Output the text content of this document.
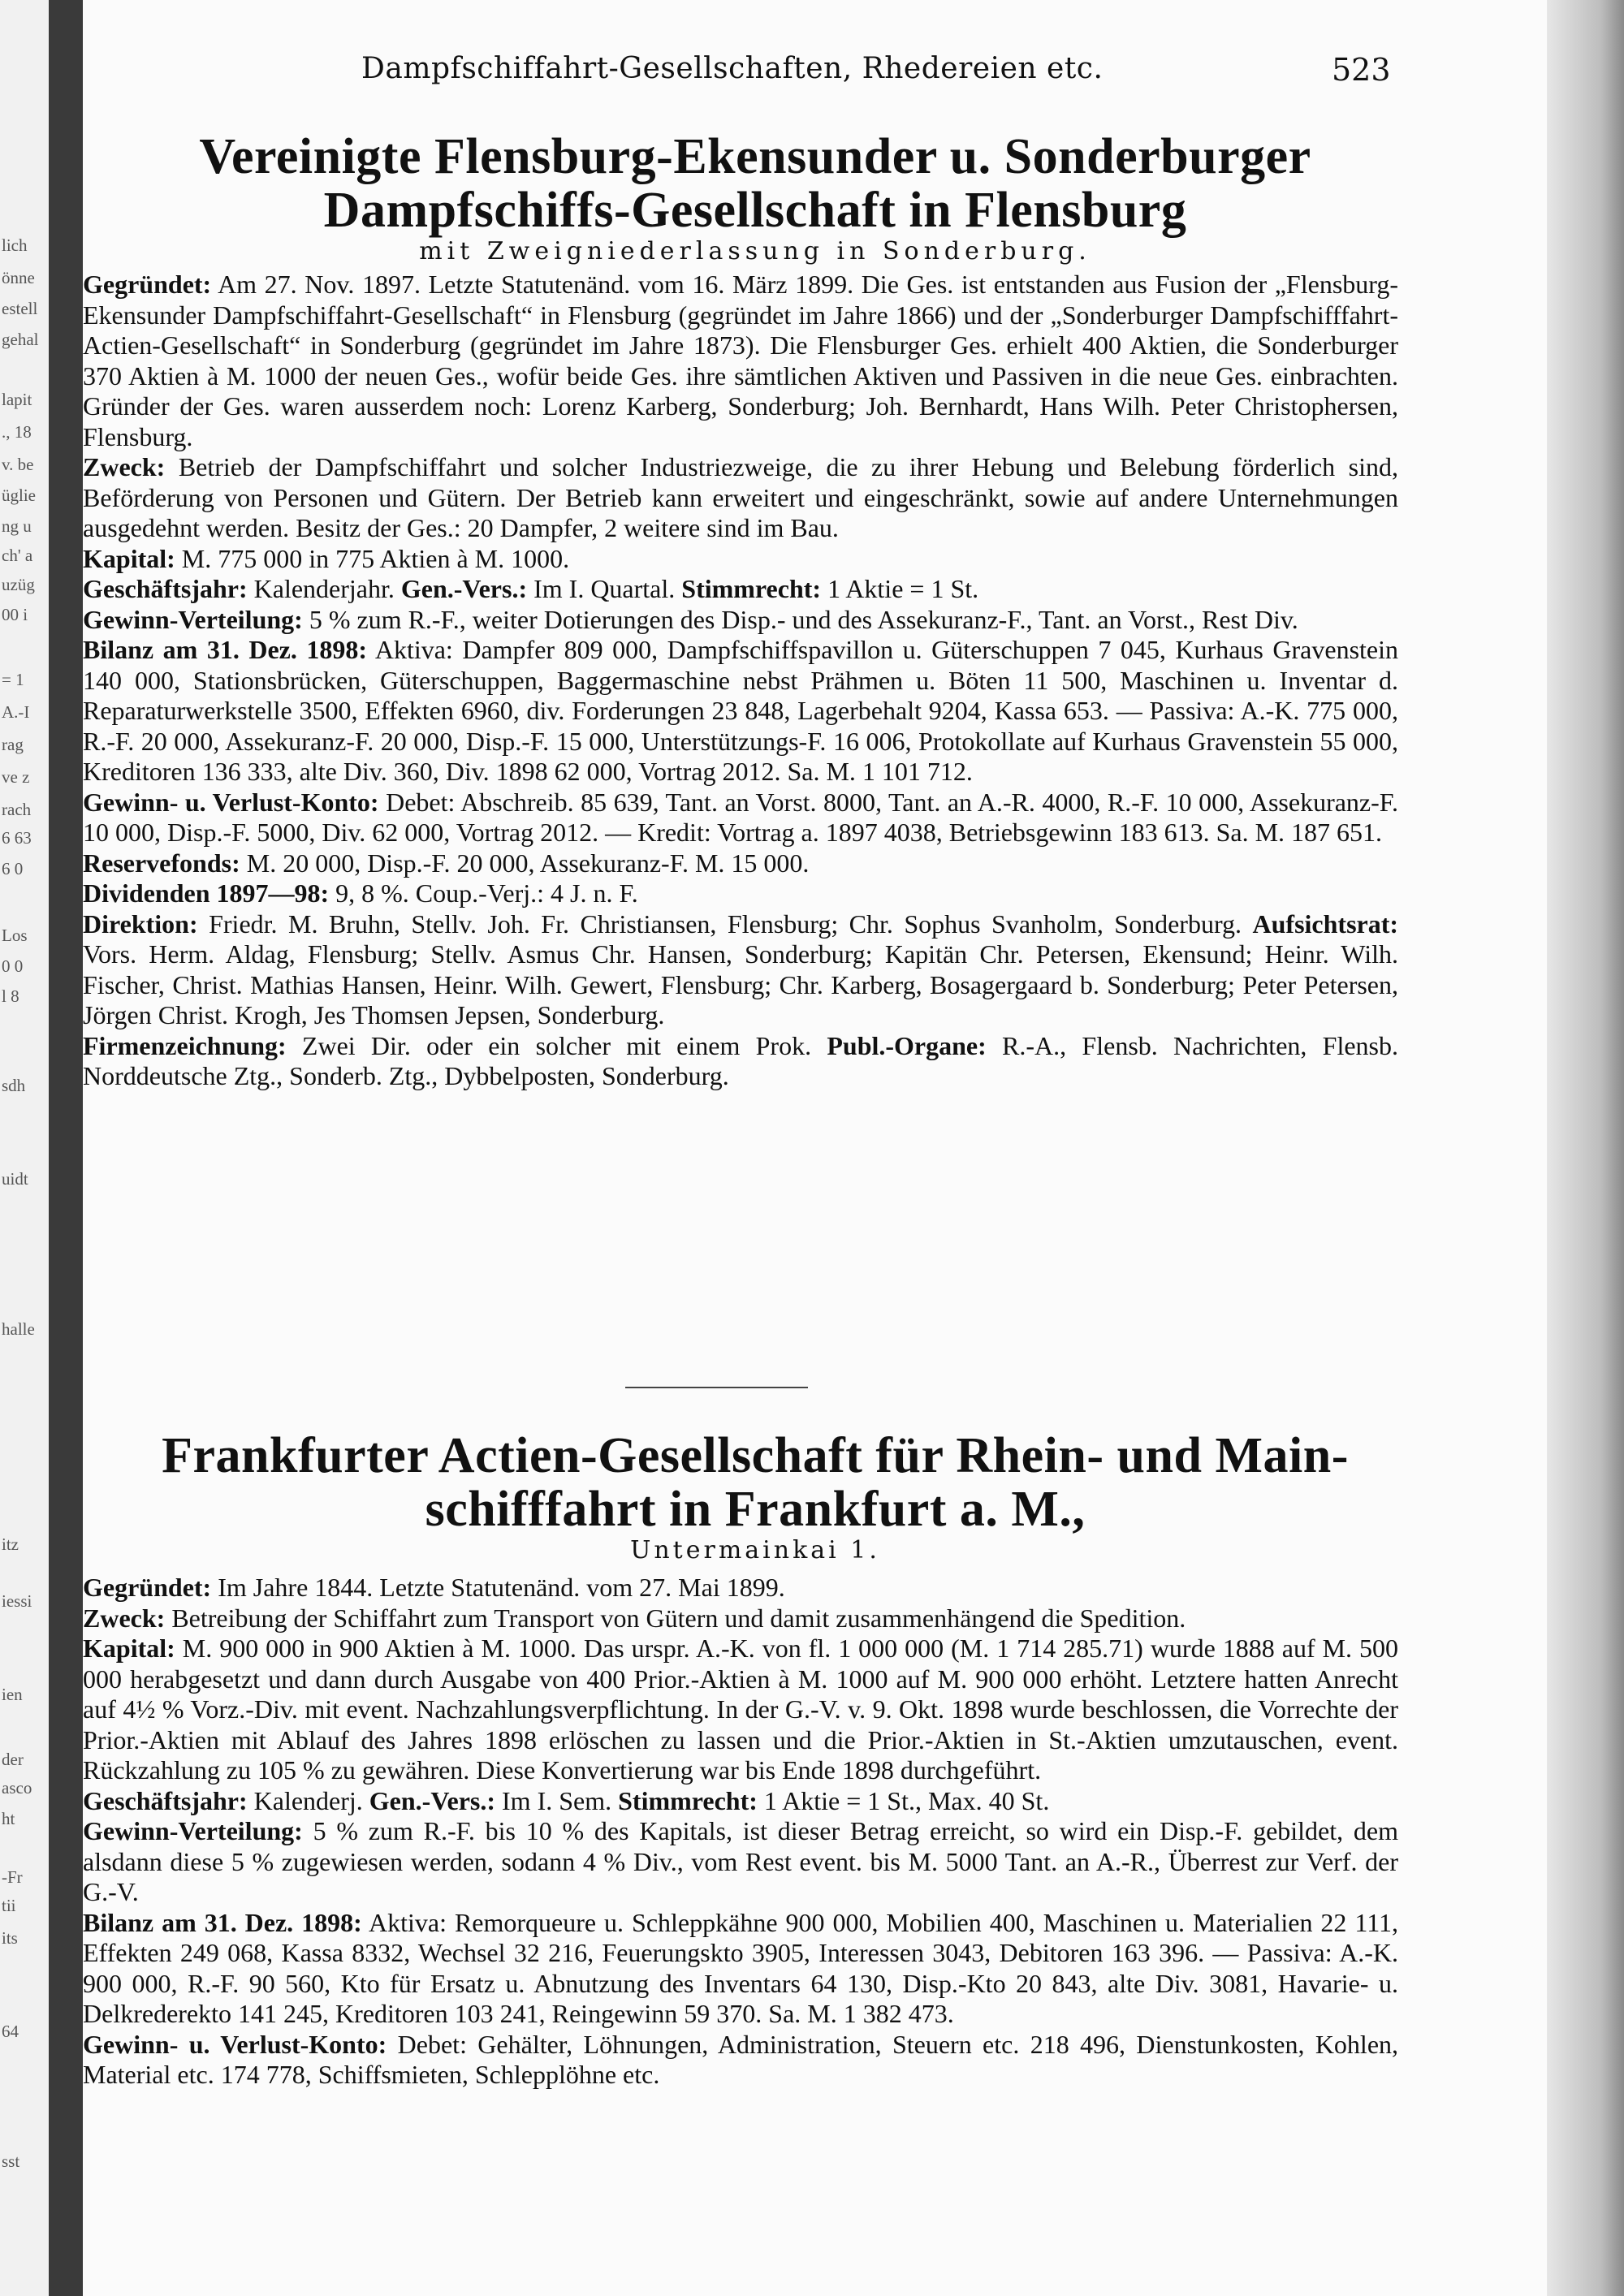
lich
önne
estell
gehal
lapit
., 18
v. be
üglie
ng u
ch' a
uzüg
00 i
= 1
A.-I
rag
ve z
rach
6 63
6 0
Los
0 0
l 8
sdh
uidt
halle
itz
iessi
ien
der
asco
ht
-Fr
tii
its
64
sst
Dampfschiffahrt-Gesellschaften, Rhedereien etc.	523
Vereinigte Flensburg-Ekensunder u. Sonderburger
Dampfschiffs-Gesellschaft in Flensburg
mit Zweigniederlassung in Sonderburg.

Gegründet: Am 27. Nov. 1897. Letzte Statutenänd. vom 16. März 1899. Die Ges. ist entstanden aus Fusion der „Flensburg-Ekensunder Dampfschiffahrt-Gesellschaft“ in Flensburg (gegründet im Jahre 1866) und der „Sonderburger Dampfschifffahrt-Actien-Gesellschaft“ in Sonderburg (gegründet im Jahre 1873). Die Flensburger Ges. erhielt 400 Aktien, die Sonderburger 370 Aktien à M. 1000 der neuen Ges., wofür beide Ges. ihre sämtlichen Aktiven und Passiven in die neue Ges. einbrachten. Gründer der Ges. waren ausserdem noch: Lorenz Karberg, Sonderburg; Joh. Bernhardt, Hans Wilh. Peter Christophersen, Flensburg.

Zweck: Betrieb der Dampfschiffahrt und solcher Industriezweige, die zu ihrer Hebung und Belebung förderlich sind, Beförderung von Personen und Gütern. Der Betrieb kann erweitert und eingeschränkt, sowie auf andere Unternehmungen ausgedehnt werden. Besitz der Ges.: 20 Dampfer, 2 weitere sind im Bau.

Kapital: M. 775 000 in 775 Aktien à M. 1000.

Geschäftsjahr: Kalenderjahr. Gen.-Vers.: Im I. Quartal. Stimmrecht: 1 Aktie = 1 St.

Gewinn-Verteilung: 5 % zum R.-F., weiter Dotierungen des Disp.- und des Assekuranz-F., Tant. an Vorst., Rest Div.

Bilanz am 31. Dez. 1898: Aktiva: Dampfer 809 000, Dampfschiffspavillon u. Güterschuppen 7 045, Kurhaus Gravenstein 140 000, Stationsbrücken, Güterschuppen, Baggermaschine nebst Prähmen u. Böten 11 500, Maschinen u. Inventar d. Reparaturwerkstelle 3500, Effekten 6960, div. Forderungen 23 848, Lagerbehalt 9204, Kassa 653. — Passiva: A.-K. 775 000, R.-F. 20 000, Assekuranz-F. 20 000, Disp.-F. 15 000, Unterstützungs-F. 16 006, Protokollate auf Kurhaus Gravenstein 55 000, Kreditoren 136 333, alte Div. 360, Div. 1898 62 000, Vortrag 2012. Sa. M. 1 101 712.

Gewinn- u. Verlust-Konto: Debet: Abschreib. 85 639, Tant. an Vorst. 8000, Tant. an A.-R. 4000, R.-F. 10 000, Assekuranz-F. 10 000, Disp.-F. 5000, Div. 62 000, Vortrag 2012. — Kredit: Vortrag a. 1897 4038, Betriebsgewinn 183 613. Sa. M. 187 651.

Reservefonds: M. 20 000, Disp.-F. 20 000, Assekuranz-F. M. 15 000.

Dividenden 1897—98: 9, 8 %. Coup.-Verj.: 4 J. n. F.

Direktion: Friedr. M. Bruhn, Stellv. Joh. Fr. Christiansen, Flensburg; Chr. Sophus Svanholm, Sonderburg. Aufsichtsrat: Vors. Herm. Aldag, Flensburg; Stellv. Asmus Chr. Hansen, Sonderburg; Kapitän Chr. Petersen, Ekensund; Heinr. Wilh. Fischer, Christ. Mathias Hansen, Heinr. Wilh. Gewert, Flensburg; Chr. Karberg, Bosagergaard b. Sonderburg; Peter Petersen, Jörgen Christ. Krogh, Jes Thomsen Jepsen, Sonderburg.

Firmenzeichnung: Zwei Dir. oder ein solcher mit einem Prok. Publ.-Organe: R.-A., Flensb. Nachrichten, Flensb. Norddeutsche Ztg., Sonderb. Ztg., Dybbelposten, Sonderburg.

Frankfurter Actien-Gesellschaft für Rhein- und Main-
schifffahrt in Frankfurt a. M.,
Untermainkai 1.

Gegründet: Im Jahre 1844. Letzte Statutenänd. vom 27. Mai 1899.

Zweck: Betreibung der Schiffahrt zum Transport von Gütern und damit zusammenhängend die Spedition.

Kapital: M. 900 000 in 900 Aktien à M. 1000. Das urspr. A.-K. von fl. 1 000 000 (M. 1 714 285.71) wurde 1888 auf M. 500 000 herabgesetzt und dann durch Ausgabe von 400 Prior.-Aktien à M. 1000 auf M. 900 000 erhöht. Letztere hatten Anrecht auf 4½ % Vorz.-Div. mit event. Nachzahlungsverpflichtung. In der G.-V. v. 9. Okt. 1898 wurde beschlossen, die Vorrechte der Prior.-Aktien mit Ablauf des Jahres 1898 erlöschen zu lassen und die Prior.-Aktien in St.-Aktien umzutauschen, event. Rückzahlung zu 105 % zu gewähren. Diese Konvertierung war bis Ende 1898 durchgeführt.

Geschäftsjahr: Kalenderj. Gen.-Vers.: Im I. Sem. Stimmrecht: 1 Aktie = 1 St., Max. 40 St.

Gewinn-Verteilung: 5 % zum R.-F. bis 10 % des Kapitals, ist dieser Betrag erreicht, so wird ein Disp.-F. gebildet, dem alsdann diese 5 % zugewiesen werden, sodann 4 % Div., vom Rest event. bis M. 5000 Tant. an A.-R., Überrest zur Verf. der G.-V.

Bilanz am 31. Dez. 1898: Aktiva: Remorqueure u. Schleppkähne 900 000, Mobilien 400, Maschinen u. Materialien 22 111, Effekten 249 068, Kassa 8332, Wechsel 32 216, Feuerungskto 3905, Interessen 3043, Debitoren 163 396. — Passiva: A.-K. 900 000, R.-F. 90 560, Kto für Ersatz u. Abnutzung des Inventars 64 130, Disp.-Kto 20 843, alte Div. 3081, Havarie- u. Delkrederekto 141 245, Kreditoren 103 241, Reingewinn 59 370. Sa. M. 1 382 473.

Gewinn- u. Verlust-Konto: Debet: Gehälter, Löhnungen, Administration, Steuern etc. 218 496, Dienstunkosten, Kohlen, Material etc. 174 778, Schiffsmieten, Schlepplöhne etc.
